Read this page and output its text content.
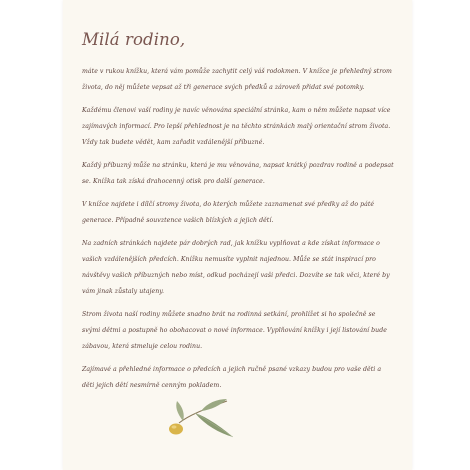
Milá rodino,

máte v rukou knížku, která vám pomůže zachytit celý váš rodokmen. V knížce je přehledný strom života, do něj můžete vepsat až tři generace svých předků a zároveň přidat své potomky.

Každému členovi vaší rodiny je navíc věnována speciální stránka, kam o něm můžete napsat více zajímavých informací. Pro lepší přehlednost je na těchto stránkách malý orientační strom života. Vždy tak budete vědět, kam zařadit vzdálenější příbuzné.

Každý příbuzný může na stránku, která je mu věnována, napsat krátký pozdrav rodině a podepsat se. Knížka tak získá drahocenný otisk pro další generace.

V knížce najdete i dílčí stromy života, do kterých můžete zaznamenat své předky až do páté generace. Případně souvztence vašich blízkých a jejich dětí.

Na zadních stránkách najdete pár dobrých rad, jak knížku vyplňovat a kde získat informace o vašich vzdálenějších předcích. Knížku nemusíte vyplnit najednou. Může se stát inspirací pro návštěvy vašich příbuzných nebo míst, odkud pocházejí vaši předci. Dozvíte se tak věci, které by vám jinak zůstaly utajeny.

Strom života naší rodiny můžete snadno brát na rodinná setkání, prohlížet si ho společně se svými dětmi a postupně ho obohacovat o nové informace. Vyplňování knížky i její listování bude zábavou, která stmeluje celou rodinu.

Zajímavé a přehledné informace o předcích a jejich ručně psané vzkazy budou pro vaše děti a děti jejich dětí nesmírně cenným pokladem.
